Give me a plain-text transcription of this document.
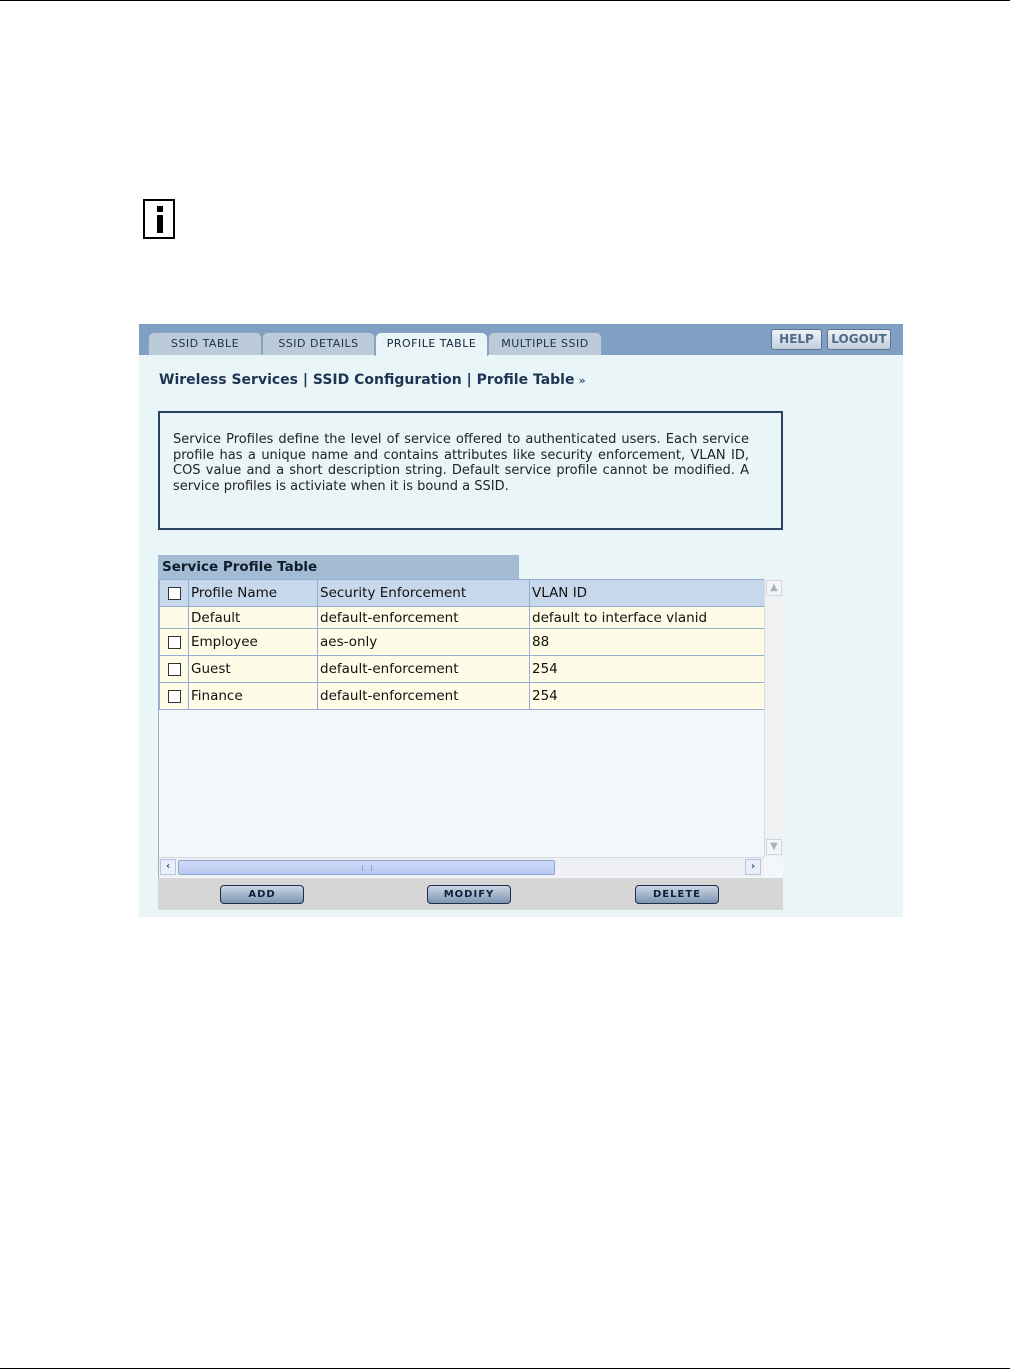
SSID TABLE	SSID DETAILS	PROFILE TABLE	MULTIPLE SSID	HELP	LOGOUT
Wireless Services | SSID Configuration | Profile Table »
Service Profiles define the level of service offered to authenticated users. Each service profile has a unique name and contains attributes like security enforcement, VLAN ID, COS value and a short description string. Default service profile cannot be modified. A service profiles is activiate when it is bound a SSID.
Service Profile Table
	Profile Name	Security Enforcement	VLAN ID
	Default	default-enforcement	default to interface vlanid
	Employee	aes-only	88
	Guest	default-enforcement	254
	Finance	default-enforcement	254
▲
▼
‹	›
ADD	MODIFY	DELETE
